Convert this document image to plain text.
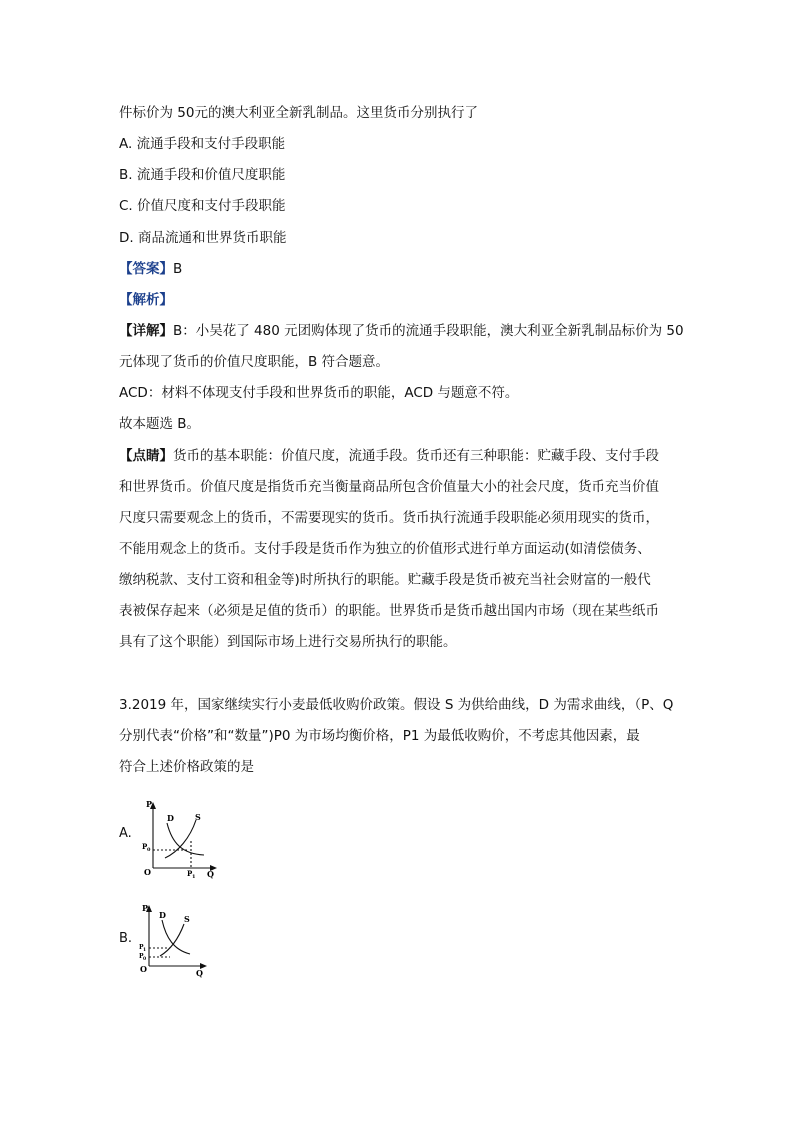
件标价为 50元的澳大利亚全新乳制品。这里货币分别执行了
A. 流通手段和支付手段职能
B. 流通手段和价值尺度职能
C. 价值尺度和支付手段职能
D. 商品流通和世界货币职能
【答案】B
【解析】
【详解】B：小吴花了 480 元团购体现了货币的流通手段职能，澳大利亚全新乳制品标价为 50
元体现了货币的价值尺度职能，B 符合题意。
ACD：材料不体现支付手段和世界货币的职能，ACD 与题意不符。
故本题选 B。
【点睛】货币的基本职能：价值尺度，流通手段。货币还有三种职能：贮藏手段、支付手段
和世界货币。价值尺度是指货币充当衡量商品所包含价值量大小的社会尺度，货币充当价值
尺度只需要观念上的货币，不需要现实的货币。货币执行流通手段职能必须用现实的货币，
不能用观念上的货币。支付手段是货币作为独立的价值形式进行单方面运动(如清偿债务、
缴纳税款、支付工资和租金等)时所执行的职能。贮藏手段是货币被充当社会财富的一般代
表被保存起来（必须是足值的货币）的职能。世界货币是货币越出国内市场（现在某些纸币
具有了这个职能）到国际市场上进行交易所执行的职能。
3.2019 年，国家继续实行小麦最低收购价政策。假设 S 为供给曲线，D 为需求曲线，（P、Q
分别代表“价格”和“数量”)P0 为市场均衡价格，P1 为最低收购价，不考虑其他因素，最
符合上述价格政策的是
A.
P
Q
O
D	S
P 0
P 1
B.
P
Q
O
D S
P 1
P 0
